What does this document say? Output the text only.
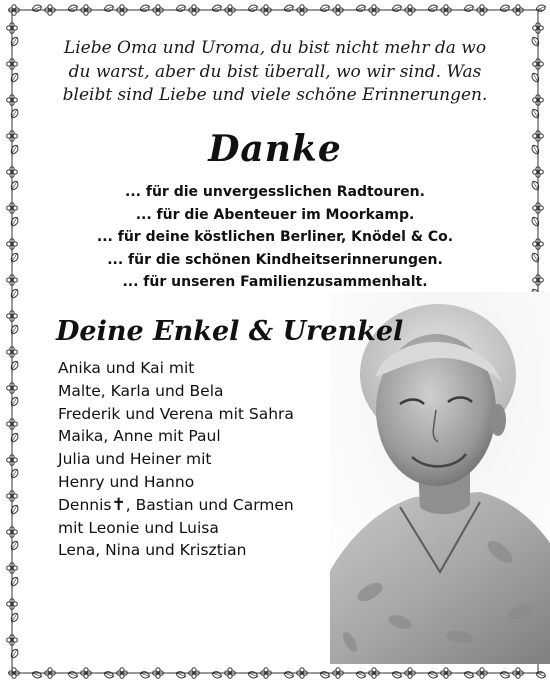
Liebe Oma und Uroma, du bist nicht mehr da wo
du warst, aber du bist überall, wo wir sind. Was
bleibt sind Liebe und viele schöne Erinnerungen.
Danke
... für die unvergesslichen Radtouren.
... für die Abenteuer im Moorkamp.
... für deine köstlichen Berliner, Knödel & Co.
... für die schönen Kindheitserinnerungen.
... für unseren Familienzusammenhalt.
Deine Enkel & Urenkel
Anika und Kai mit
Malte, Karla und Bela
Frederik und Verena mit Sahra
Maika, Anne mit Paul
Julia und Heiner mit
Henry und Hanno
Dennis✝, Bastian und Carmen
mit Leonie und Luisa
Lena, Nina und Krisztian
